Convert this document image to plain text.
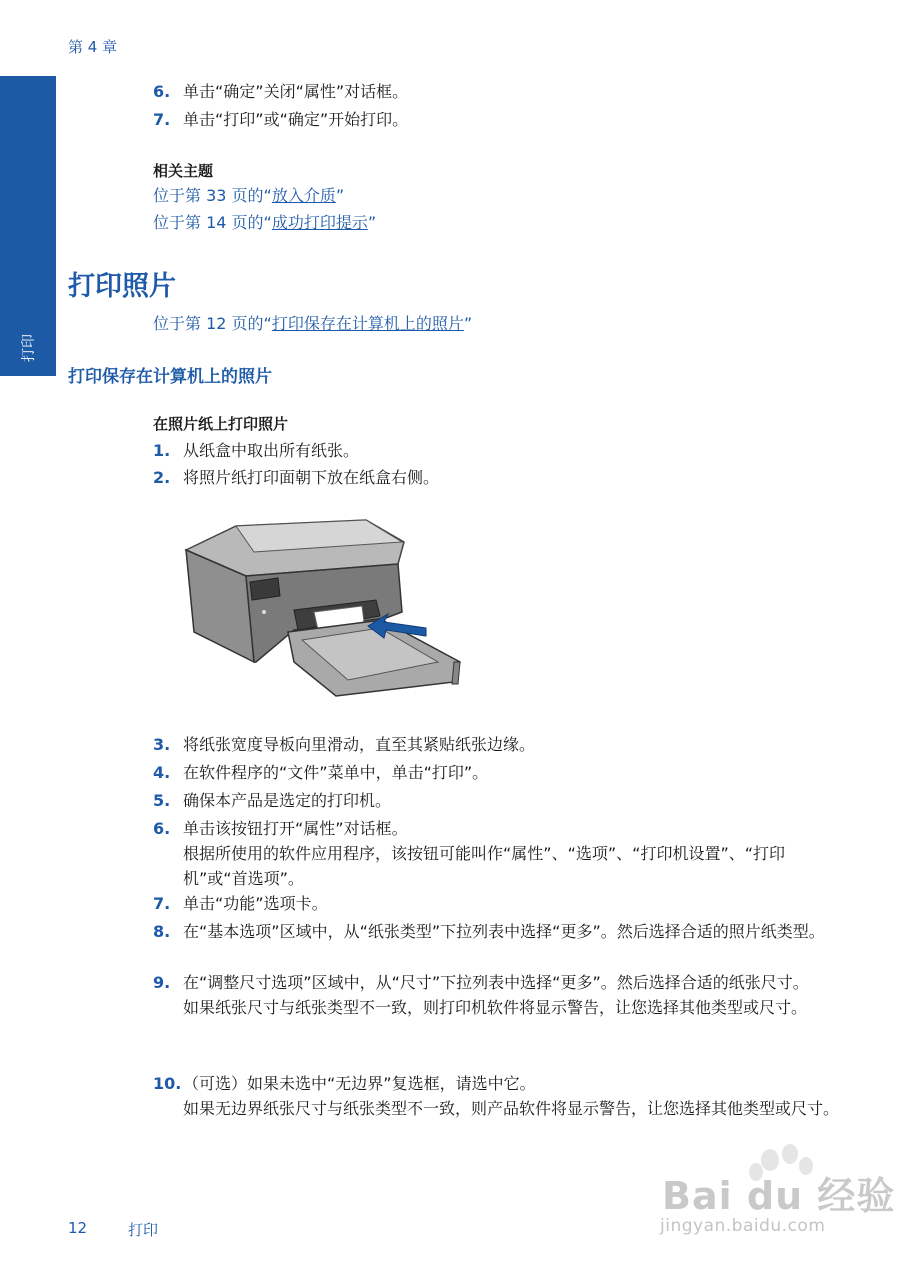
第 4 章
打印
6. 单击“确定”关闭“属性”对话框。
7. 单击“打印”或“确定”开始打印。
相关主题
位于第 33 页的“放入介质”
位于第 14 页的“成功打印提示”
打印照片
位于第 12 页的“打印保存在计算机上的照片”
打印保存在计算机上的照片
在照片纸上打印照片
1. 从纸盒中取出所有纸张。
2. 将照片纸打印面朝下放在纸盒右侧。
3. 将纸张宽度导板向里滑动，直至其紧贴纸张边缘。
4. 在软件程序的“文件”菜单中，单击“打印”。
5. 确保本产品是选定的打印机。
6. 单击该按钮打开“属性”对话框。
根据所使用的软件应用程序，该按钮可能叫作“属性”、“选项”、“打印机设置”、“打印机”或“首选项”。
7. 单击“功能”选项卡。
8. 在“基本选项”区域中，从“纸张类型”下拉列表中选择“更多”。然后选择合适的照片纸类型。
9. 在“调整尺寸选项”区域中，从“尺寸”下拉列表中选择“更多”。然后选择合适的纸张尺寸。
如果纸张尺寸与纸张类型不一致，则打印机软件将显示警告，让您选择其他类型或尺寸。
10. （可选）如果未选中“无边界”复选框，请选中它。
如果无边界纸张尺寸与纸张类型不一致，则产品软件将显示警告，让您选择其他类型或尺寸。
Bai du 经验
jingyan.baidu.com
12	打印
